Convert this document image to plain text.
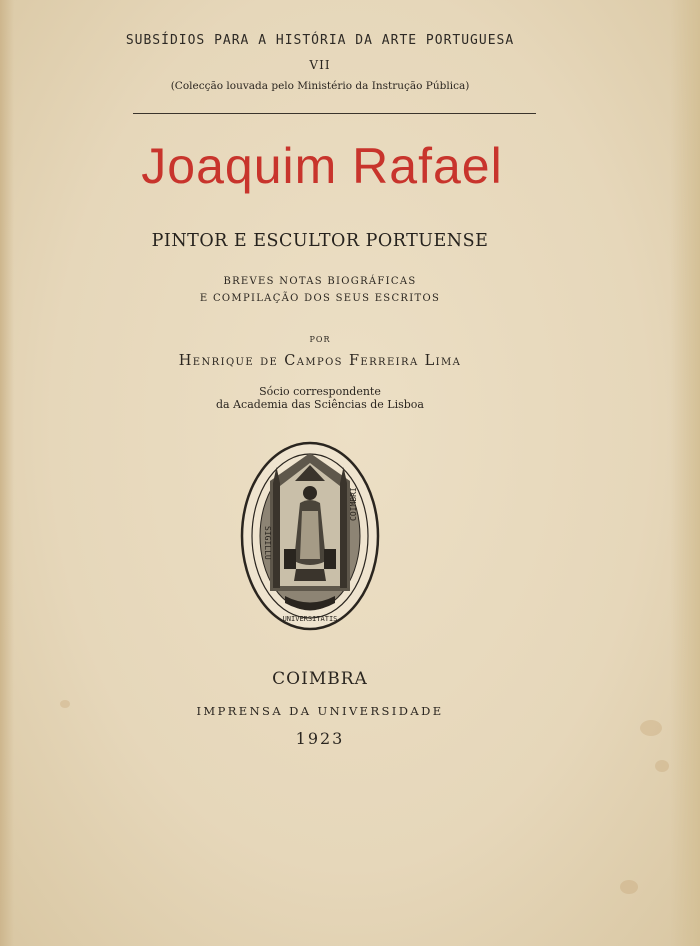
SUBSÍDIOS PARA A HISTÓRIA DA ARTE PORTUGUESA
VII
(Colecção louvada pelo Ministério da Instrução Pública)
Joaquim Rafael
PINTOR E ESCULTOR PORTUENSE
BREVES NOTAS BIOGRÁFICAS
E COMPILAÇÃO DOS SEUS ESCRITOS
POR
Henrique de Campos Ferreira Lima
Sócio correspondente
da Academia das Sciências de Lisboa
SIGILLU
COIMBRI
UNIVERSITATIS
COIMBRA
IMPRENSA DA UNIVERSIDADE
1923
